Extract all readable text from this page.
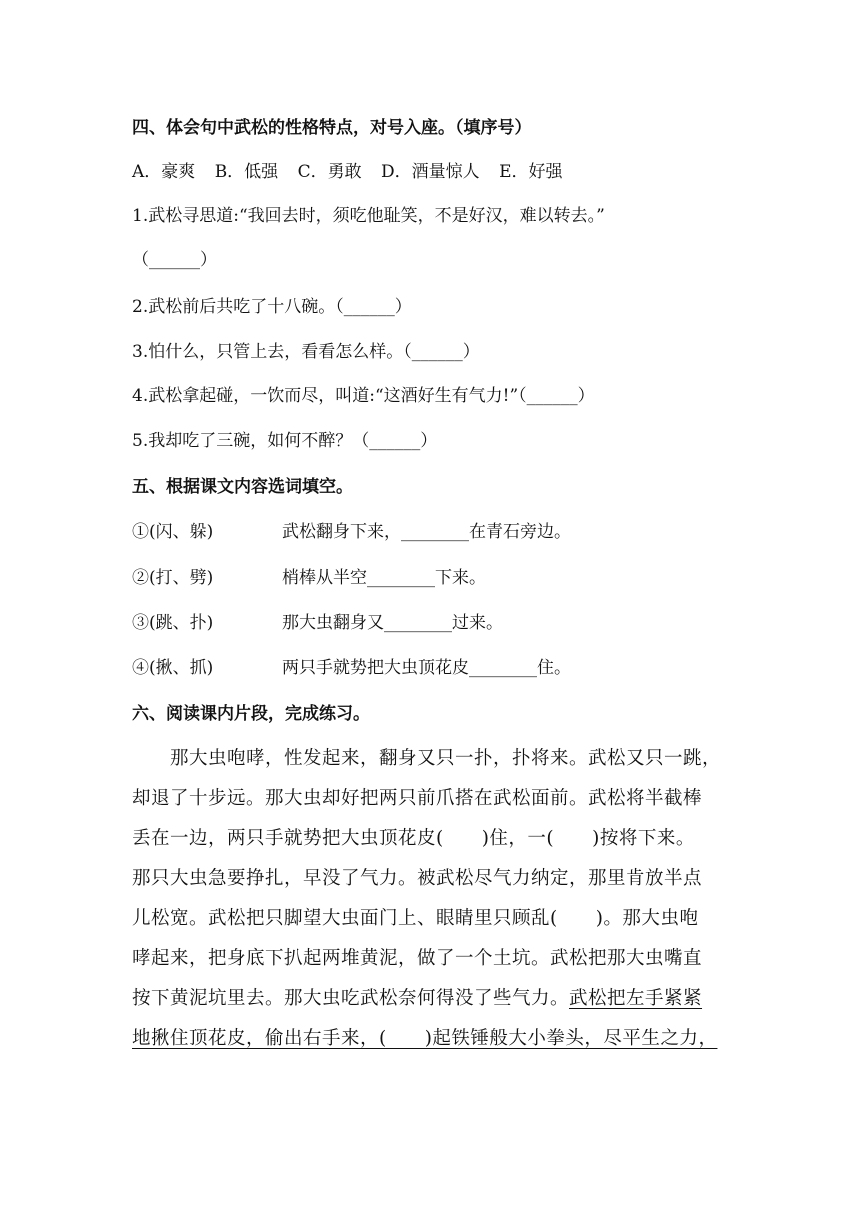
四、体会句中武松的性格特点，对号入座。（填序号）
A．豪爽 B．低强 C．勇敢 D．酒量惊人 E．好强
1.武松寻思道:“我回去时，须吃他耻笑，不是好汉，难以转去。”
（______）
2.武松前后共吃了十八碗。（______）
3.怕什么，只管上去，看看怎么样。（______）
4.武松拿起碰，一饮而尽，叫道:“这酒好生有气力!”（______）
5.我却吃了三碗，如何不醉？（______）
五、根据课文内容选词填空。
①(闪、躲)	武松翻身下来，________在青石旁边。
②(打、劈)	梢棒从半空________下来。
③(跳、扑)	那大虫翻身又________过来。
④(揪、抓)	两只手就势把大虫顶花皮________住。
六、阅读课内片段，完成练习。
　　那大虫咆哮，性发起来，翻身又只一扑，扑将来。武松又只一跳，
却退了十步远。那大虫却好把两只前爪搭在武松面前。武松将半截棒
丢在一边，两只手就势把大虫顶花皮(　　)住，一(　　)按将下来。
那只大虫急要挣扎，早没了气力。被武松尽气力纳定，那里肯放半点
儿松宽。武松把只脚望大虫面门上、眼睛里只顾乱(　　)。那大虫咆
哮起来，把身底下扒起两堆黄泥，做了一个土坑。武松把那大虫嘴直
按下黄泥坑里去。那大虫吃武松奈何得没了些气力。武松把左手紧紧
地揪住顶花皮，偷出右手来，(　　)起铁锤般大小拳头，尽平生之力，
